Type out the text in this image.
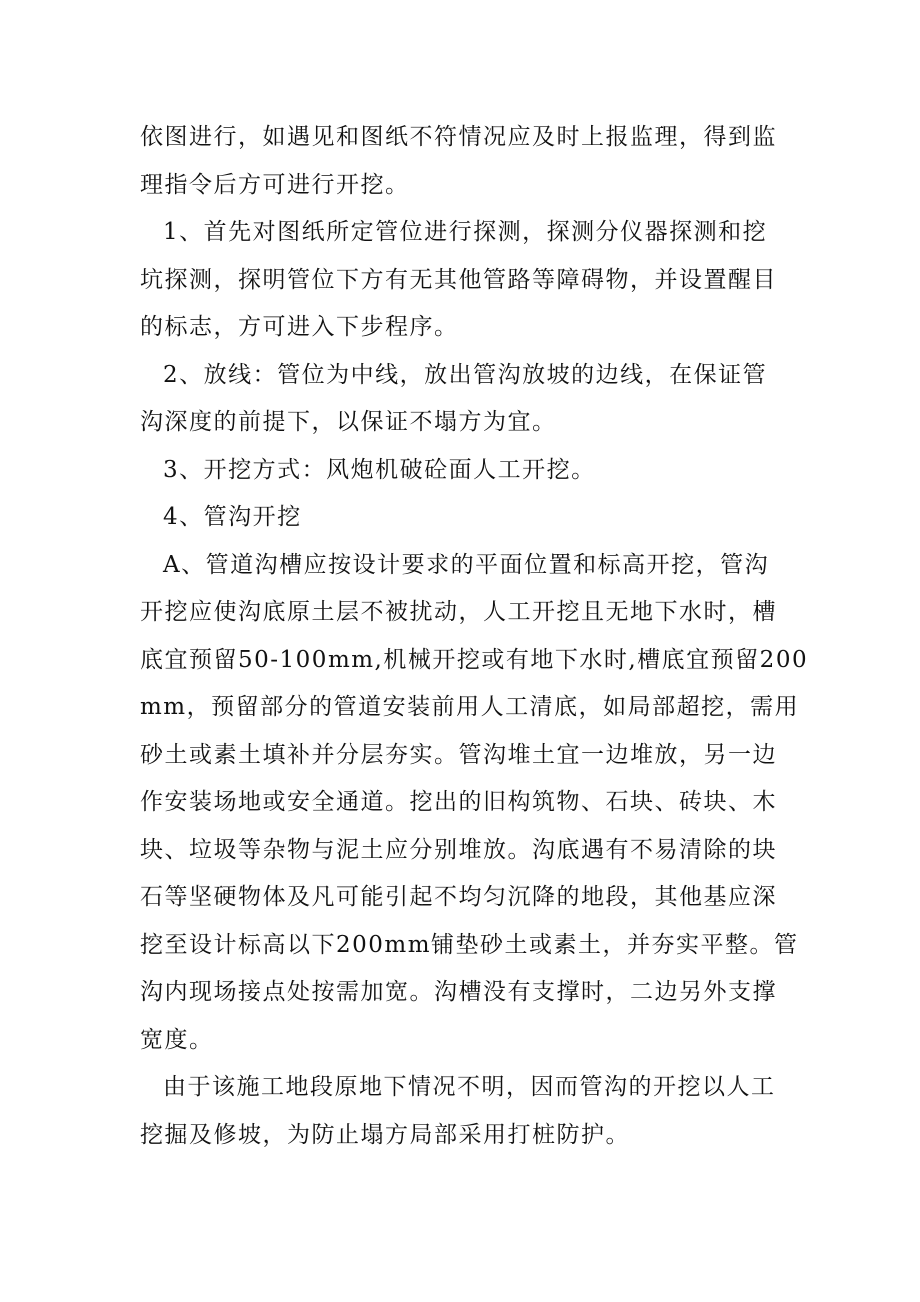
依图进行，如遇见和图纸不符情况应及时上报监理，得到监
理指令后方可进行开挖。
1、首先对图纸所定管位进行探测，探测分仪器探测和挖
坑探测，探明管位下方有无其他管路等障碍物，并设置醒目
的标志，方可进入下步程序。
2、放线：管位为中线，放出管沟放坡的边线，在保证管
沟深度的前提下，以保证不塌方为宜。
3、开挖方式：风炮机破砼面人工开挖。
4、管沟开挖
A、管道沟槽应按设计要求的平面位置和标高开挖，管沟
开挖应使沟底原土层不被扰动，人工开挖且无地下水时，槽
底宜预留50-100mm,机械开挖或有地下水时,槽底宜预留200
mm，预留部分的管道安装前用人工清底，如局部超挖，需用
砂土或素土填补并分层夯实。管沟堆土宜一边堆放，另一边
作安装场地或安全通道。挖出的旧构筑物、石块、砖块、木
块、垃圾等杂物与泥土应分别堆放。沟底遇有不易清除的块
石等坚硬物体及凡可能引起不均匀沉降的地段，其他基应深
挖至设计标高以下200mm铺垫砂土或素土，并夯实平整。管
沟内现场接点处按需加宽。沟槽没有支撑时，二边另外支撑
宽度。
由于该施工地段原地下情况不明，因而管沟的开挖以人工
挖掘及修坡，为防止塌方局部采用打桩防护。
